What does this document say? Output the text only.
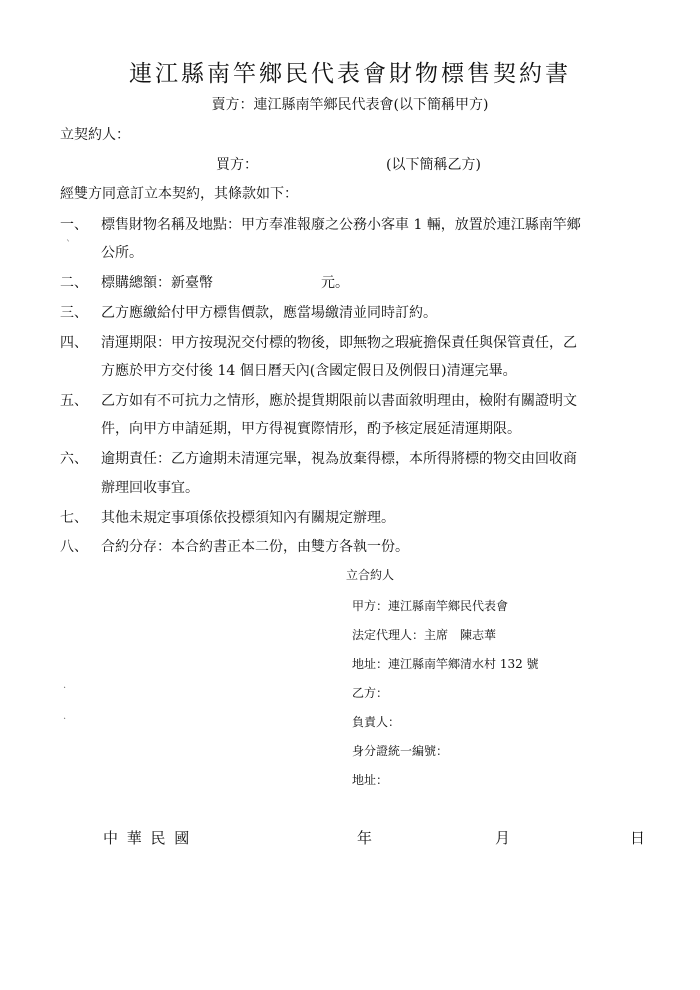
連江縣南竿鄉民代表會財物標售契約書
賣方：連江縣南竿鄉民代表會(以下簡稱甲方)
立契約人：
買方：	(以下簡稱乙方)
經雙方同意訂立本契約，其條款如下：
一、 標售財物名稱及地點：甲方奉准報廢之公務小客車 1 輛，放置於連江縣南竿鄉
` 公所。
二、 標購總額：新臺幣	元。
三、 乙方應繳給付甲方標售價款，應當場繳清並同時訂約。
四、 清運期限：甲方按現況交付標的物後，即無物之瑕疵擔保責任與保管責任，乙
方應於甲方交付後 14 個日曆天內(含國定假日及例假日)清運完畢。
五、 乙方如有不可抗力之情形，應於提貨期限前以書面敘明理由，檢附有關證明文
件，向甲方申請延期，甲方得視實際情形，酌予核定展延清運期限。
六、 逾期責任：乙方逾期未清運完畢，視為放棄得標，本所得將標的物交由回收商
辦理回收事宜。
七、 其他未規定事項係依投標須知內有關規定辦理。
八、 合約分存：本合約書正本二份，由雙方各執一份。
立合約人
甲方：連江縣南竿鄉民代表會
法定代理人：主席　陳志華
地址：連江縣南竿鄉清水村 132 號
·	乙方：
.	負責人：
身分證統一編號：
地址：
中 華 民 國	年	月	日
